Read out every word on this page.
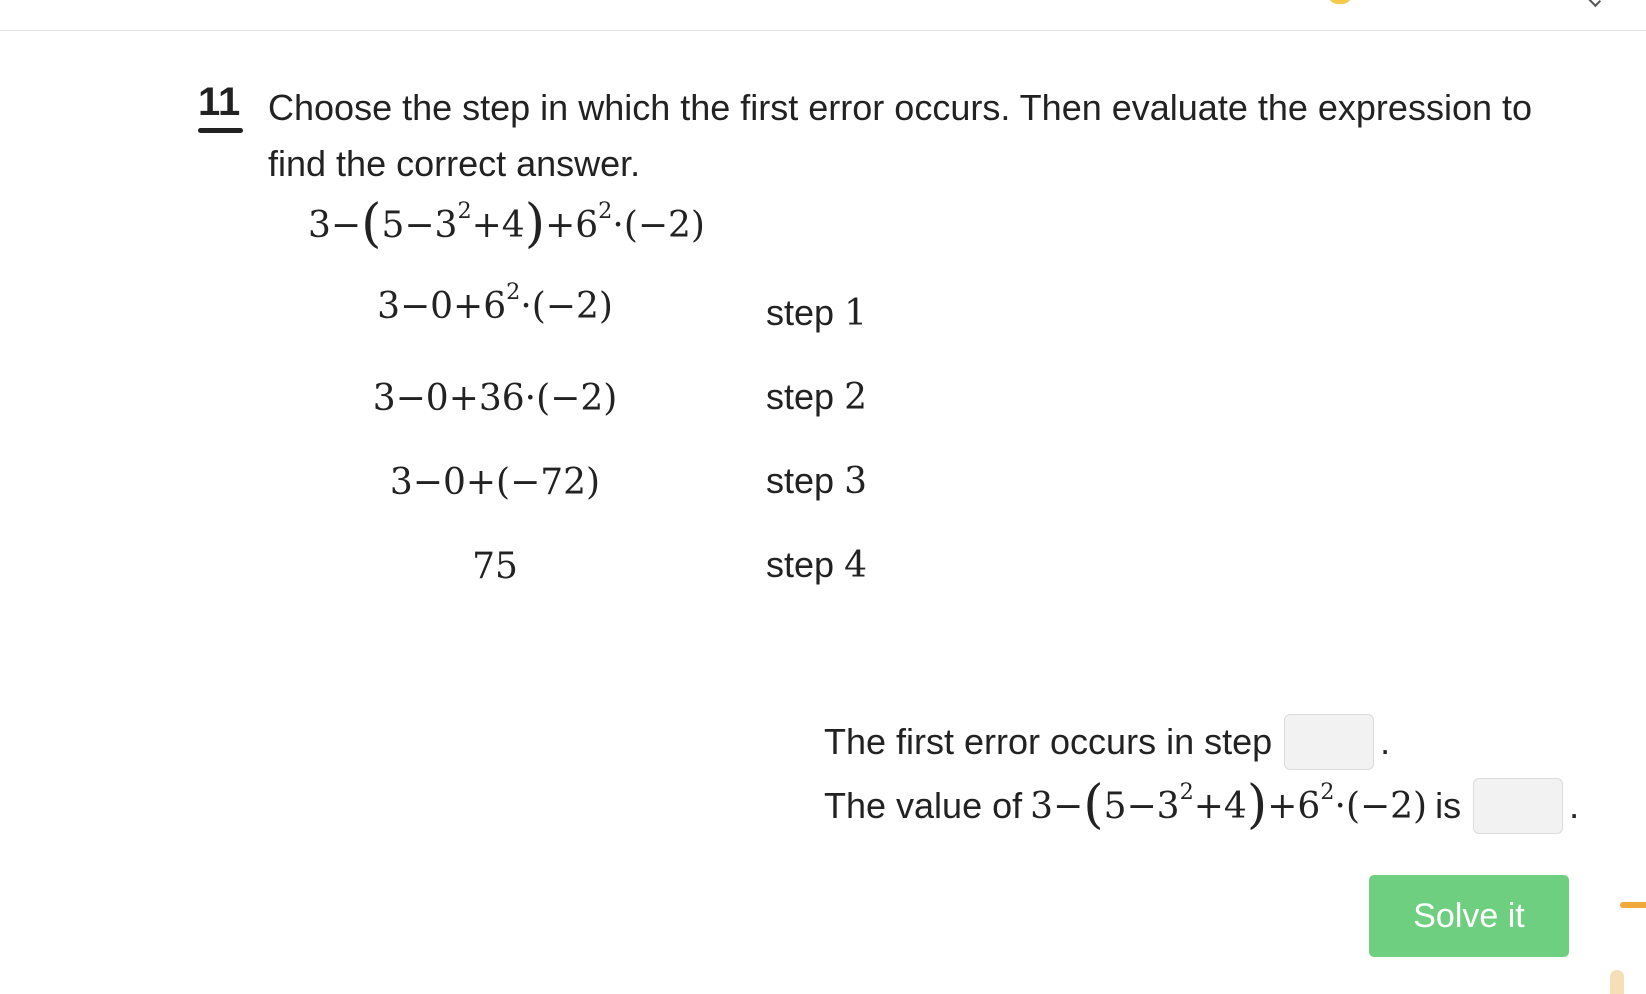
11 Choose the step in which the first error occurs. Then evaluate the expression to find the correct answer.
$3-(5-3^2+4)+6^2\cdot(-2)$
$3-0+6^2\cdot(-2)$	step 1
3−0+36·(−2)	step 2
3−0+(−72)	step 3
75	step 4
The first error occurs in step	.
The value of $3-(5-3^2+4)+6^2\cdot(-2)$ is	.
Solve it
